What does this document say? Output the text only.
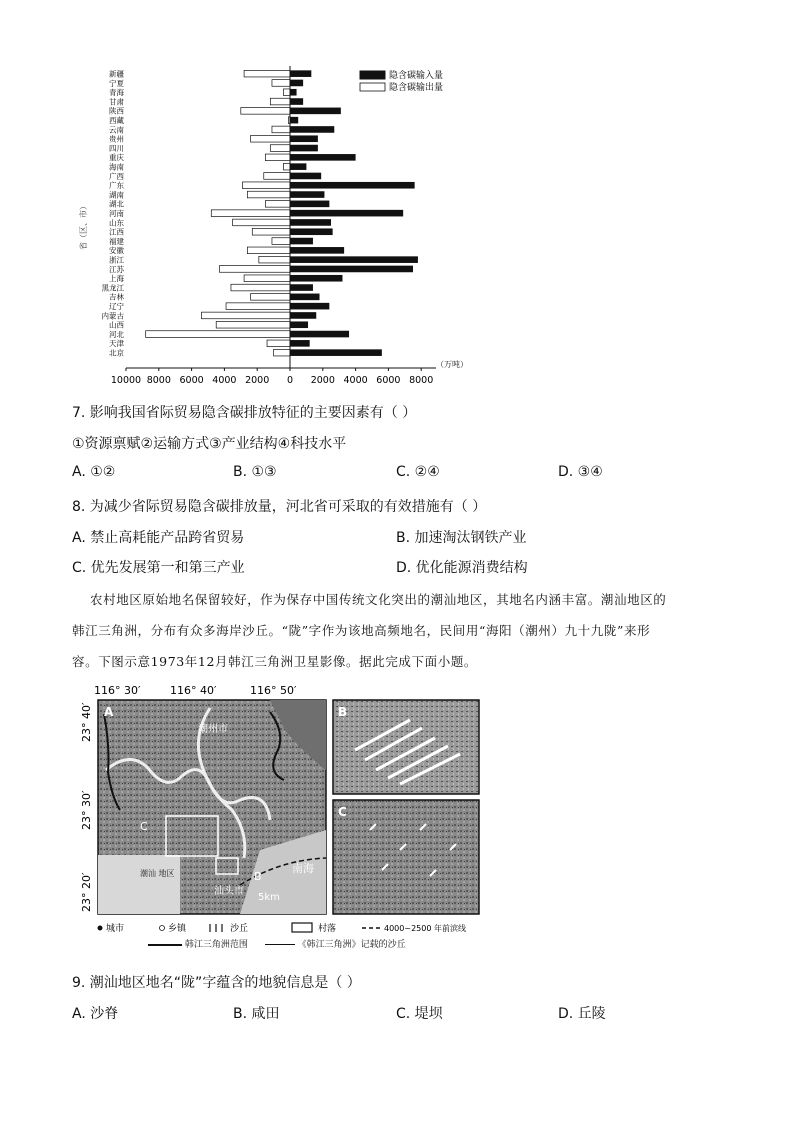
新疆
宁夏
青海
甘肃
陕西
西藏
云南
贵州
四川
重庆
海南
广西
广东
湖南
湖北
河南
山东
江西
福建
安徽
浙江
江苏
上海
黑龙江
吉林
辽宁
内蒙古
山西
河北
天津
北京
10000 8000 6000 4000 2000 0 2000 4000 6000 8000
省（区、市）
（万吨）
隐含碳输入量
隐含碳输出量
7. 影响我国省际贸易隐含碳排放特征的主要因素有（ ）
①资源禀赋②运输方式③产业结构④科技水平
A. ①②	B. ①③	C. ②④	D. ③④
8. 为减少省际贸易隐含碳排放量，河北省可采取的有效措施有（ ）
A. 禁止高耗能产品跨省贸易	B. 加速淘汰钢铁产业
C. 优先发展第一和第三产业	D. 优化能源消费结构
农村地区原始地名保留较好，作为保存中国传统文化突出的潮汕地区，其地名内涵丰富。潮汕地区的
韩江三角洲，分布有众多海岸沙丘。“陇”字作为该地高频地名，民间用“海阳（潮州）九十九陇”来形
容。下图示意1973年12月韩江三角洲卫星影像。据此完成下面小题。
116° 30′	116° 40′	116° 50′
23° 40′
23° 30′
23° 20′
A
潮州市
C
B
汕头市
南海
5km
潮汕 地区
B
C
城市	乡镇	沙丘	村落	4000~2500 年前滨线
韩江三角洲范围	《韩江三角洲》记载的沙丘
9. 潮汕地区地名“陇”字蕴含的地貌信息是（ ）
A. 沙脊	B. 咸田	C. 堤坝	D. 丘陵
